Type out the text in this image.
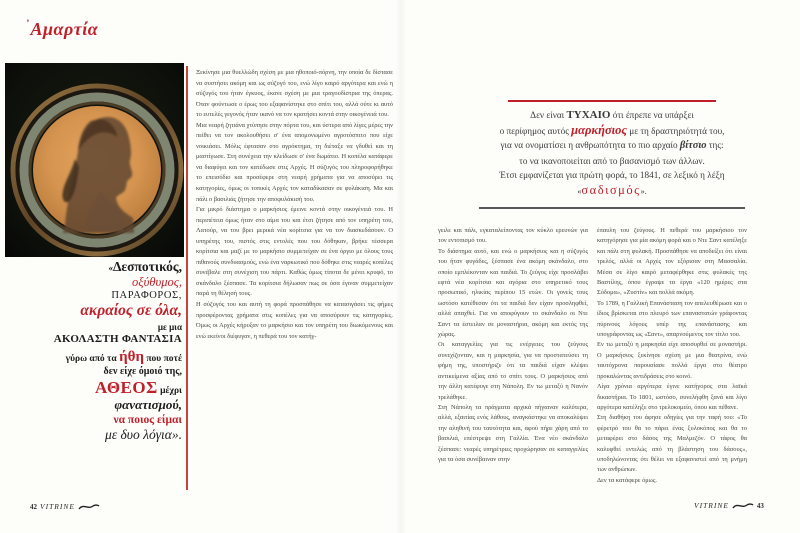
’Αμαρτία

Ξεκίνησε μια θυελλώδη σχέση με μια ηθοποιό-πόρνη, την οποία δε δίστασε να συστήσει ακόμη και ως σύζυγό του, ενώ λίγο καιρό αργότερα και ενώ η σύζυγός του ήταν έγκυος, έκανε σχέση με μια τραγουδίστρια της όπερας. Όταν φούντωσε ο έρως του εξαφανίστηκε στο σπίτι του, αλλά ούτε κι αυτό το ευτελές γεγονός ήταν ικανό να τον κρατήσει κοντά στην οικογένειά του.

Μια νεαρή ζητιάνα χτύπησε στην πόρτα του, και ύστερα από λίγες μέρες την πείθει να τον ακολουθήσει σ' ένα απομονωμένο αγροτόσπιτο που είχε νοικιάσει. Μόλις έφτασαν στο αγρόκτημα, τη διέταξε να γδυθεί και τη μαστίγωσε. Στη συνέχεια την κλείδωσε σ' ένα δωμάτιο. Η κοπέλα κατάφερε να διαφύγει και τον κατέδωσε στις Αρχές. Η σύζυγός του πληροφορήθηκε το επεισόδιο και προσέφερε στη νεαρή χρήματα για να αποσύρει τις κατηγορίες, όμως οι τοπικές Αρχές τον καταδίκασαν σε φυλάκιση. Μα και πάλι ο βασιλιάς ζήτησε την αποφυλάκισή του.

Για μικρό διάστημα ο μαρκήσιος έμεινε κοντά στην οικογένειά του. Η περιπέτεια όμως ήταν στο αίμα του και έτσι ζήτησε από τον υπηρέτη του, Λατούρ, να του βρει μερικά νέα κορίτσια για να τον διασκεδάσουν. Ο υπηρέτης του, πιστός στις εντολές που του δόθηκαν, βρήκε τέσσερα κορίτσια και μαζί με το μαρκήσιο συμμετείχαν σε ένα όργιο με όλους τους πιθανούς συνδυασμούς, ενώ ένα ναρκωτικό που δόθηκε στις νεαρές κοπέλες συνέβαλε στη συνέχιση του πάρτι. Καθώς όμως τίποτα δε μένει κρυφό, το σκάνδαλο ξέσπασε. Τα κορίτσια δήλωσαν πως σε όσα έγιναν συμμετείχαν παρά τη θέλησή τους.

Η σύζυγός του και αυτή τη φορά προσπάθησε να κατασιγάσει τις φήμες προσφέροντας χρήματα στις κοπέλες για να αποσύρουν τις κατηγορίες. Όμως οι Αρχές κήρυξαν το μαρκήσιο και τον υπηρέτη του διωκόμενους και ενώ εκείνοι διέφυγαν, η πεθερά του τον κατήγ-

«Δεσποτικός,
οξύθυμος,
ΠΑΡΑΦΟΡΟΣ,
ακραίος σε όλα,
με μια
ΑΚΟΛΑΣΤΗ ΦΑΝΤΑΣΙΑ
γύρω από τα ήθη που ποτέ
δεν είχε όμοιό της,
ΑΘΕΟΣ μέχρι
φανατισμού,
να ποιος είμαι
με δυο λόγια».
42 VITRINE
Δεν είναι ΤΥΧΑΙΟ ότι έπρεπε να υπάρξει
ο περίφημος αυτός μαρκήσιος με τη δραστηριότητά του,
για να ονοματίσει η ανθρωπότητα το πιο αρχαίο βίτσιο της:
το να ικανοποιείται από το βασανισμό των άλλων.
Έτσι εμφανίζεται για πρώτη φορά, το 1841, σε λεξικό η λέξη
«σαδισμός».

γειλε και πάλι, εγκαταλείποντας τον κύκλο ερευνών για τον εντοπισμό του.

Το διάστημα αυτό, και ενώ ο μαρκήσιος και η σύζυγός του ήταν φυγάδες, ξέσπασε ένα ακόμη σκάνδαλο, στο οποίο εμπλέκονταν και παιδιά. Το ζεύγος είχε προσλάβει εφτά νέα κορίτσια και αγόρια στο υπηρετικό τους προσωπικό, ηλικίας περίπου 15 ετών. Οι γονείς τους ωστόσο κατέθεσαν ότι τα παιδιά δεν είχαν προσληφθεί, αλλά απαχθεί. Για να αποφύγουν το σκάνδαλο οι Ντε Σαντ τα έστειλαν σε μοναστήρια, ακόμη και εκτός της χώρας.

Οι καταγγελίες για τις ενέργειες του ζεύγους συνεχίζονταν, και η μαρκησία, για να προστατεύσει τη φήμη της, υποστήριζε ότι τα παιδιά είχαν κλέψει αντικείμενα αξίας από το σπίτι τους. Ο μαρκήσιος από την άλλη κατέφυγε στη Νάπολη. Εν τω μεταξύ η Νανόν τρελάθηκε.

Στη Νάπολη τα πράγματα αρχικά πήγαιναν καλύτερα, αλλά, εξαιτίας ενός λάθους, αναγκάστηκε να αποκαλύψει την αληθινή του ταυτότητα και, αφού πήρε χάρη από το βασιλιά, επέστρεψε στη Γαλλία. Ένα νέο σκάνδαλο ξέσπασε: νεαρές υπηρέτριες προχώρησαν σε καταγγελίες για τα όσα συνέβαιναν στην

έπαυλη του ζεύγους. Η πεθερά του μαρκήσιου τον κατηγόρησε για μία ακόμη φορά και ο Ντε Σαντ κατέληξε και πάλι στη φυλακή. Προσπάθησε να αποδείξει ότι είναι τρελός, αλλά οι Αρχές τον εξόρισαν στη Μασσαλία. Μέσα σε λίγο καιρό μεταφέρθηκε στις φυλακές της Βαστίλης, όπου έγραψε τα έργα «120 ημέρες στα Σόδομα», «Ζυστίν» και πολλά ακόμη.

Το 1789, η Γαλλική Επανάσταση τον απελευθέρωσε και ο ίδιος βρίσκεται στο πλευρό των επαναστατών γράφοντας πύρινους λόγους υπέρ της επανάστασης και υπογράφοντας ως «Σαντ», απαρνούμενος τον τίτλο του.

Εν τω μεταξύ η μαρκησία είχε αποσυρθεί σε μοναστήρι. Ο μαρκήσιος ξεκίνησε σχέση με μια θεατρίνα, ενώ ταυτόχρονα παρουσίασε πολλά έργα στο θέατρο προκαλώντας αντιδράσεις στο κοινό.

Λίγα χρόνια αργότερα έγινε κατήγορος στα λαϊκά δικαστήρια. Το 1801, ωστόσο, συνελήφθη ξανά και λίγο αργότερα κατέληξε στο τρελοκομείο, όπου και πέθανε.

Στη διαθήκη του άφησε οδηγίες για την ταφή του: «Το φέρετρό του θα το πάρει ένας ξυλοκόπος και θα το μεταφέρει στο δάσος της Μαλμεζόν. Ο τάφος θα καλυφθεί εντελώς από τη βλάστηση του δάσους», υποδηλώνοντας ότι θέλει να εξαφανιστεί από τη μνήμη των ανθρώπων.

Δεν τα κατάφερε όμως.

VITRINE	43
